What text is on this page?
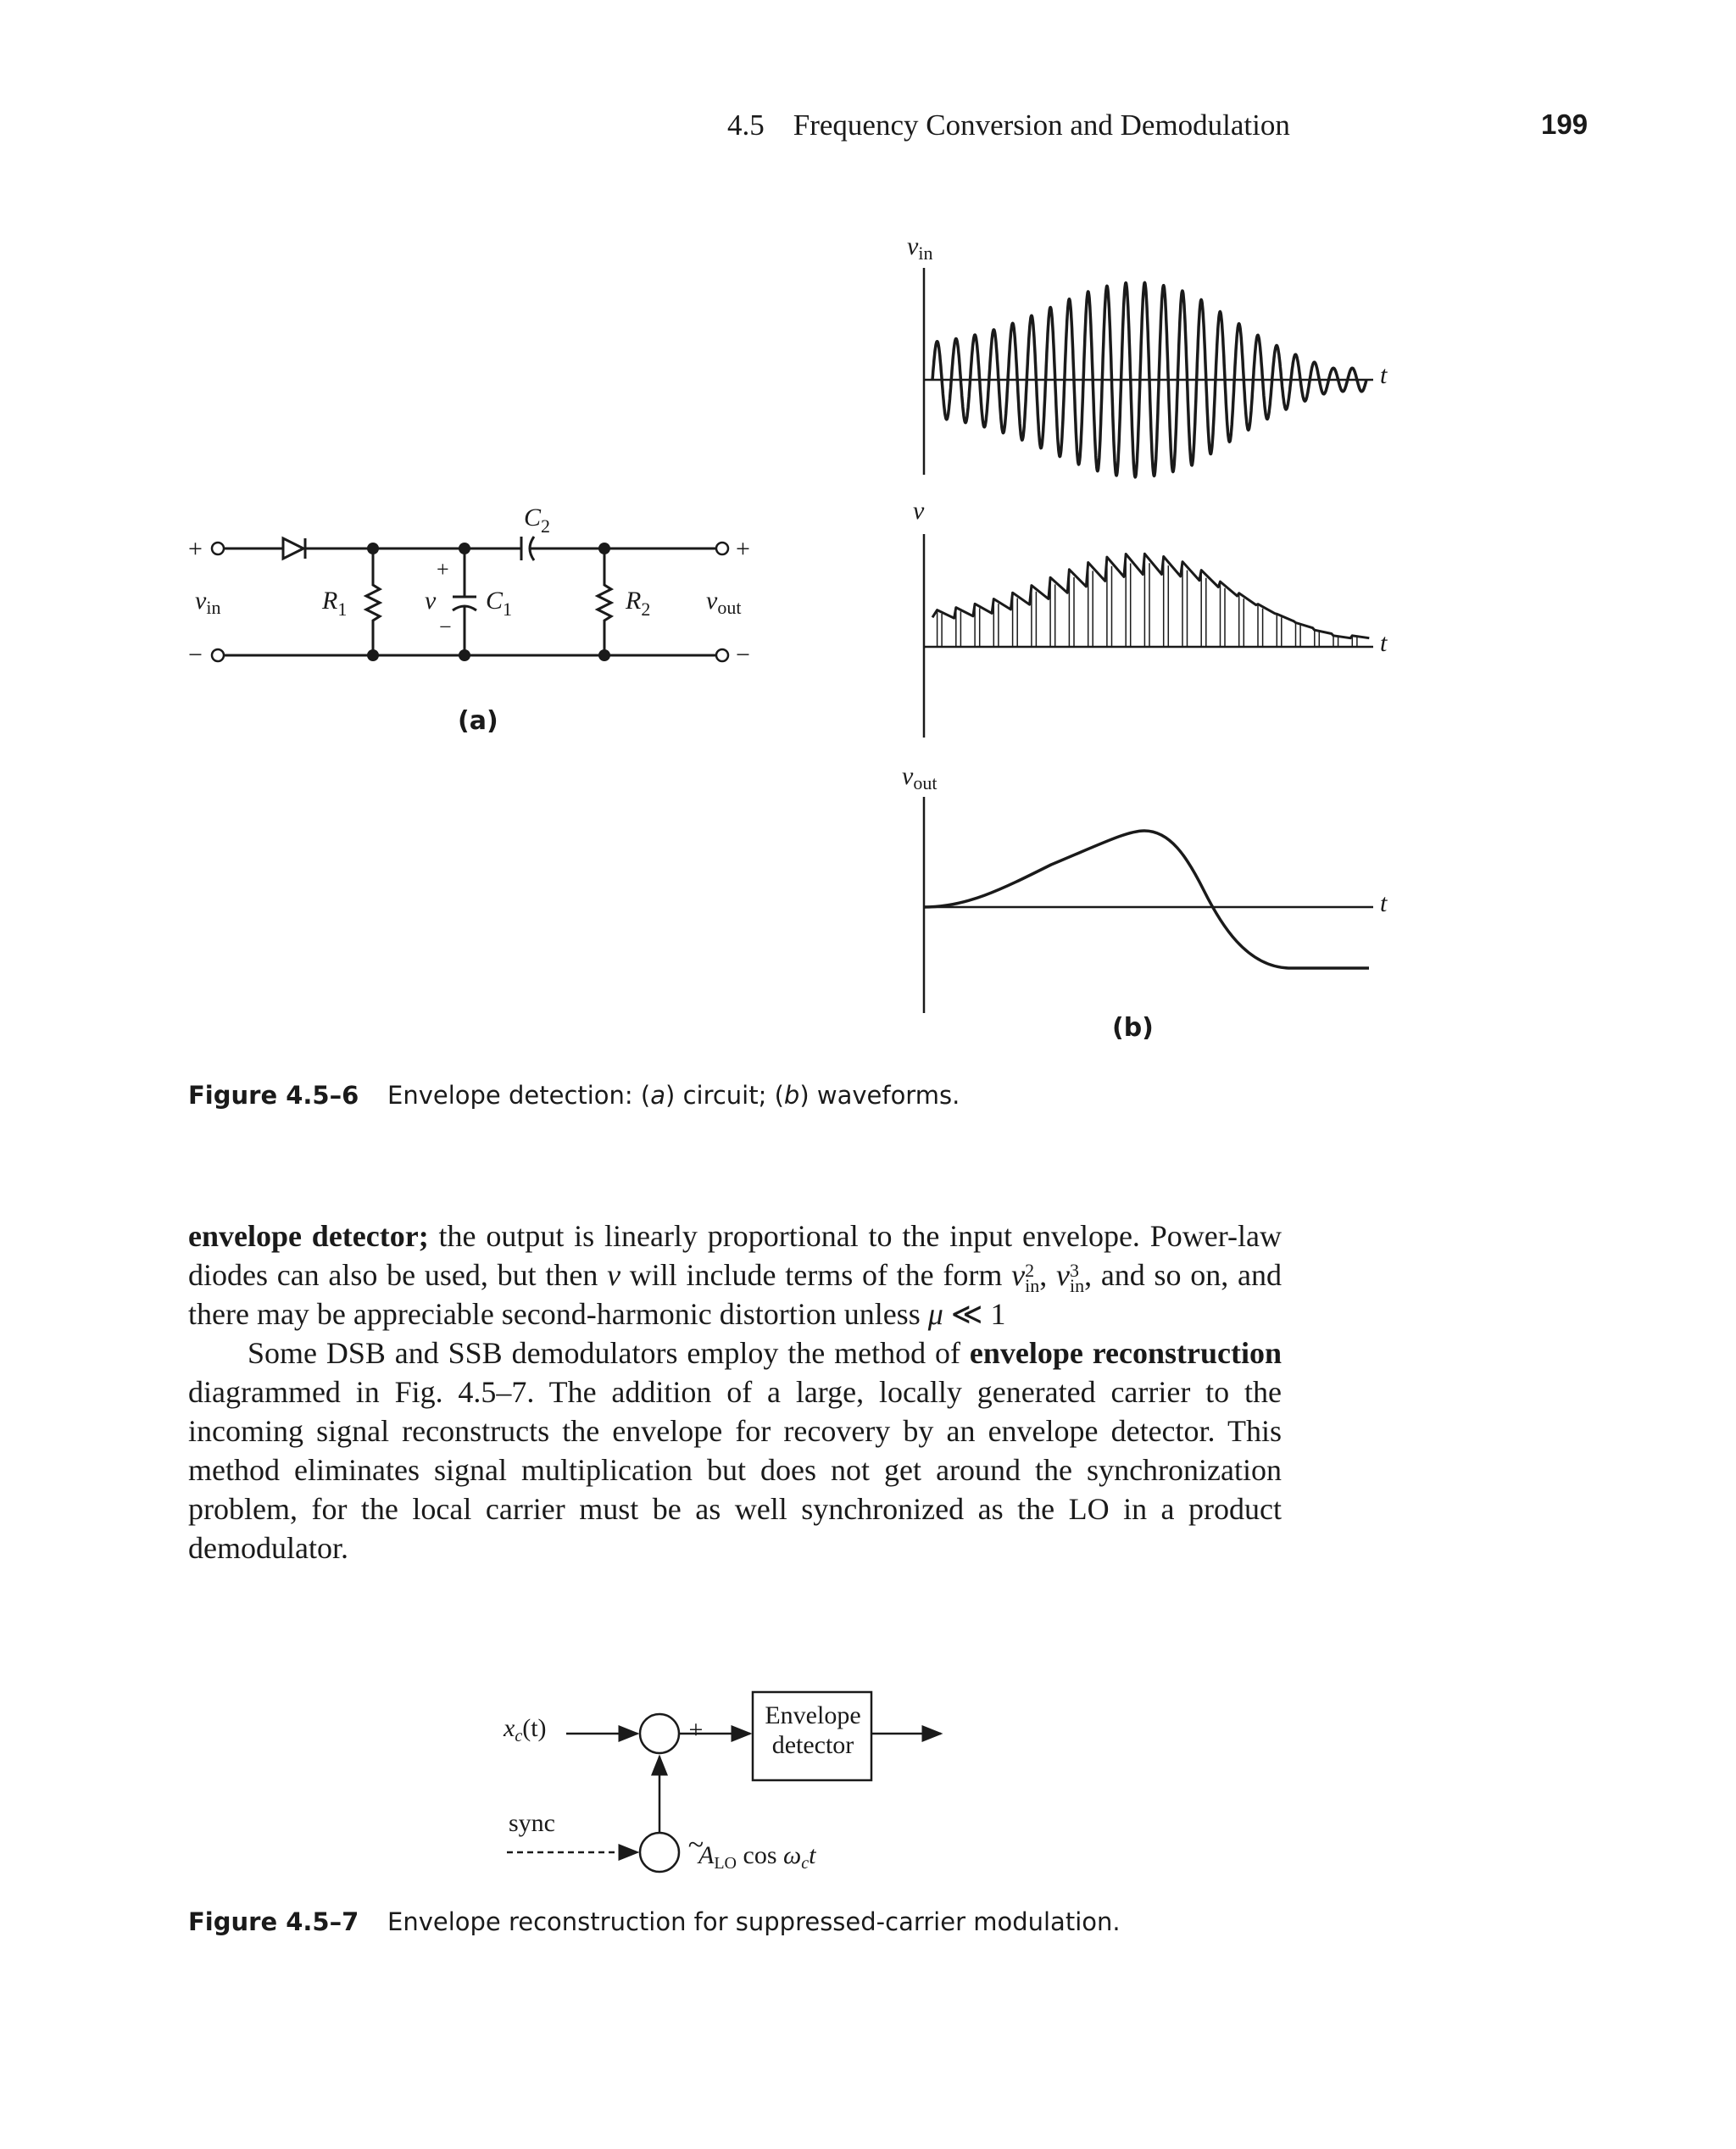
4.5 Frequency Conversion and Demodulation	199
+
−
+
−
$v_{in}$	$R_1$	v
+
−
$C_1$
$C_2$
$R_2$ $v_{out}$
(a)
$v_{in}$
v
$v_{out}$
t
t
t
(b)
Figure 4.5–6 Envelope detection: (a) circuit; (b) waveforms.

envelope detector; the output is linearly proportional to the input envelope. Power-law diodes can also be used, but then v will include terms of the form v2
in, v3
in, and so on, and there may be appreciable second-harmonic distortion unless μ ≪ 1

Some DSB and SSB demodulators employ the method of envelope reconstruction diagrammed in Fig. 4.5–7. The addition of a large, locally generated carrier to the incoming signal reconstructs the envelope for recovery by an envelope detector. This method eliminates signal multiplication but does not get around the synchronization problem, for the local carrier must be as well synchronized as the LO in a product demodulator.

$x_c(t)$
sync
+
~
Envelope
detector
$A_{LO}$ $\cos \omega_ct$
Figure 4.5–7 Envelope reconstruction for suppressed-carrier modulation.
